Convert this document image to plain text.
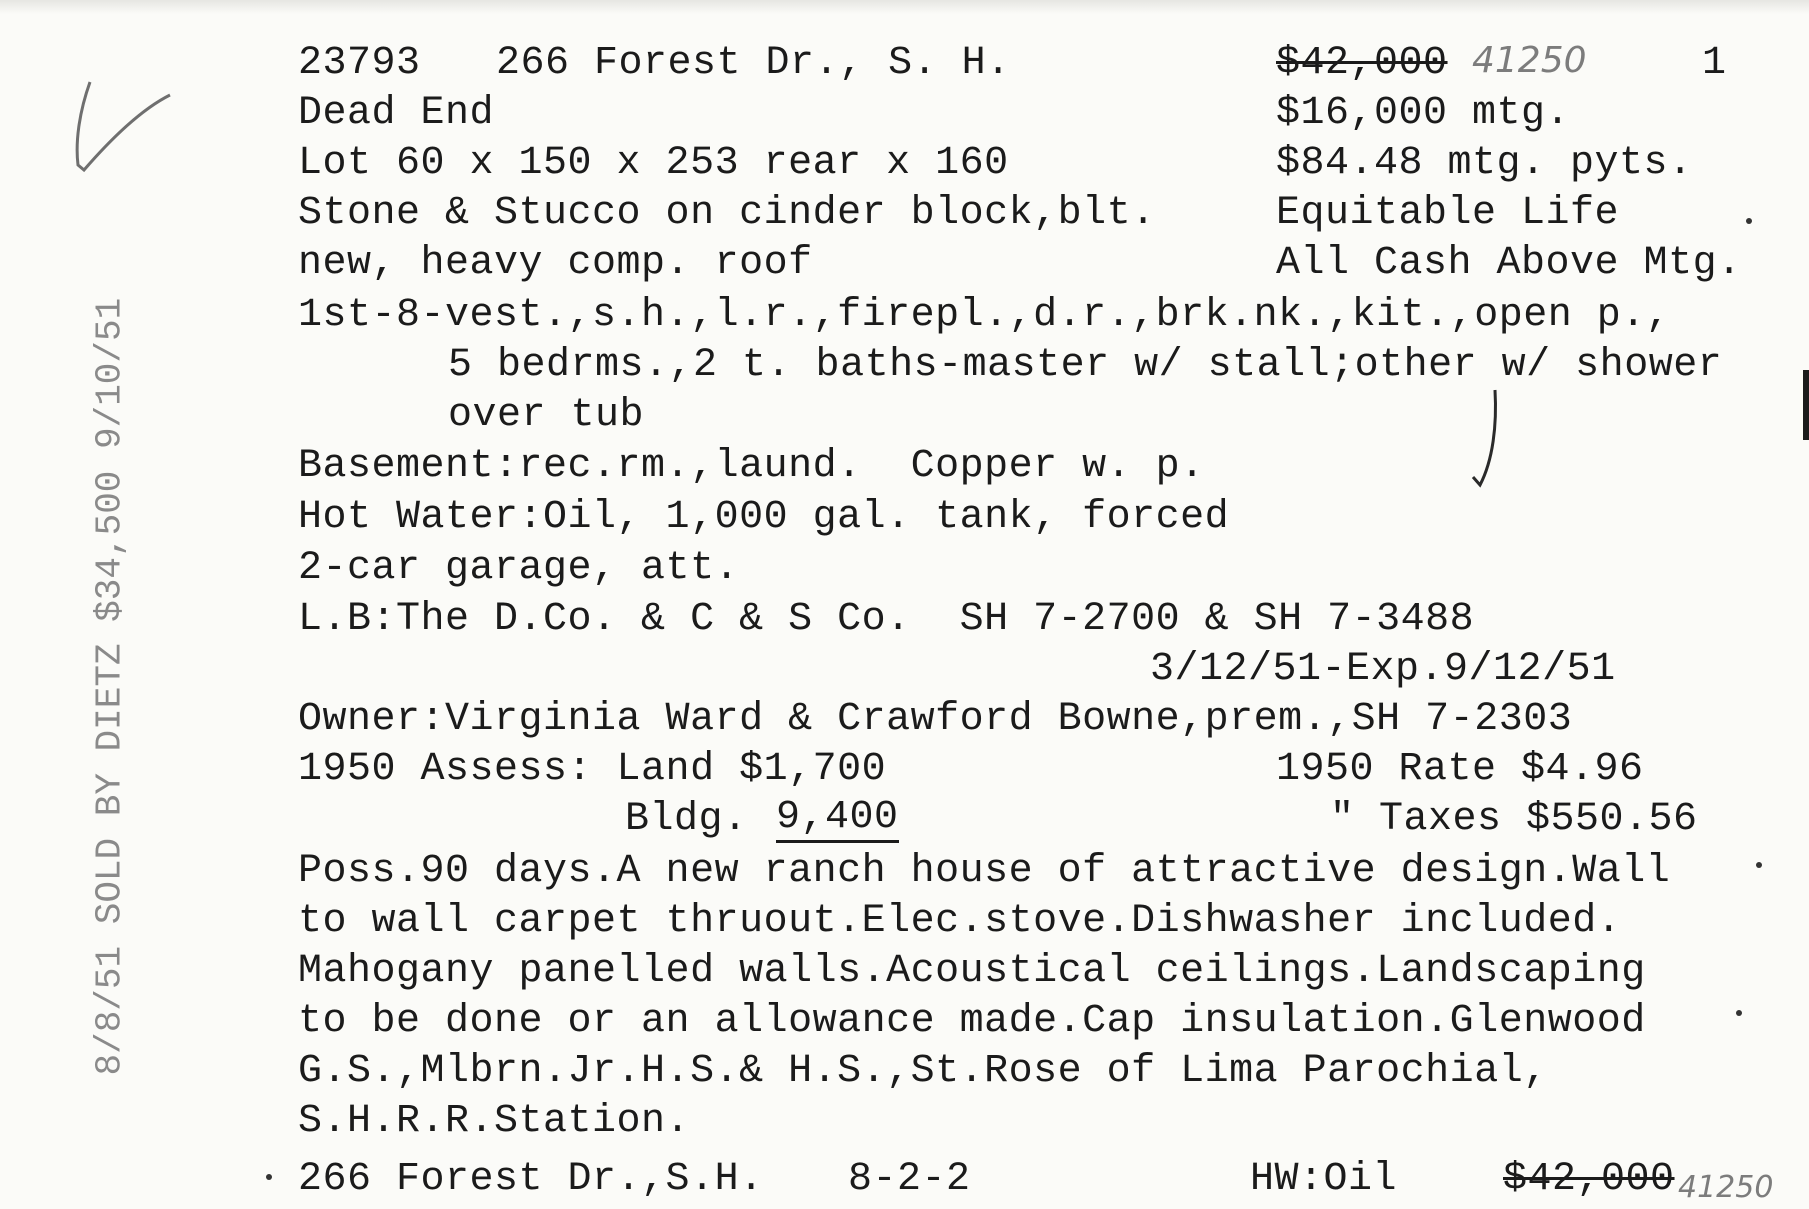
8/8/51 SOLD BY DIETZ $34,500 9/10/51
23793 266 Forest Dr., S. H.	$42,000 41250	1
Dead End	$16,000 mtg.
Lot 60 x 150 x 253 rear x 160	$84.48 mtg. pyts.
Stone & Stucco on cinder block,blt.	Equitable Life
new, heavy comp. roof	All Cash Above Mtg.
1st-8-vest.,s.h.,l.r.,firepl.,d.r.,brk.nk.,kit.,open p.,
5 bedrms.,2 t. baths-master w/ stall;other w/ shower
over tub
Basement:rec.rm.,laund.  Copper w. p.
Hot Water:Oil, 1,000 gal. tank, forced
2-car garage, att.
L.B:The D.Co. & C & S Co.  SH 7-2700 & SH 7-3488
3/12/51-Exp.9/12/51
Owner:Virginia Ward & Crawford Bowne,prem.,SH 7-2303
1950 Assess: Land $1,700	1950 Rate $4.96
Bldg. 9,400	" Taxes $550.56
Poss.90 days.A new ranch house of attractive design.Wall
to wall carpet thruout.Elec.stove.Dishwasher included.
Mahogany panelled walls.Acoustical ceilings.Landscaping
to be done or an allowance made.Cap insulation.Glenwood
G.S.,Mlbrn.Jr.H.S.& H.S.,St.Rose of Lima Parochial,
S.H.R.R.Station.
266 Forest Dr.,S.H. 8-2-2	HW:Oil	$42,000 41250
